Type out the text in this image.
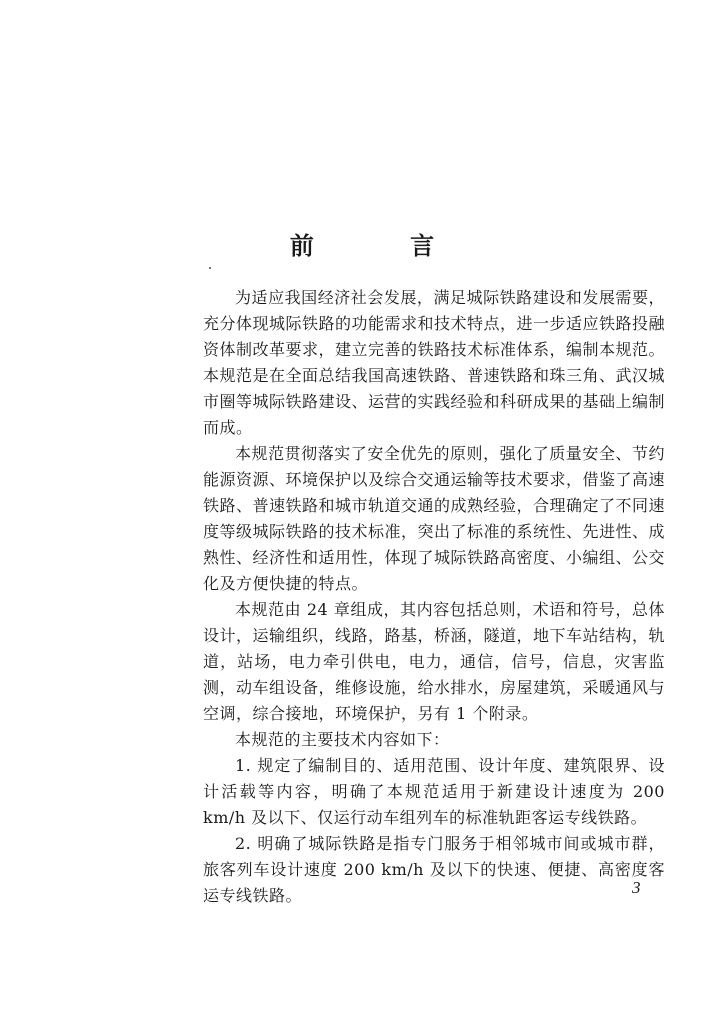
前 言

为适应我国经济社会发展，满足城际铁路建设和发展需要，充分体现城际铁路的功能需求和技术特点，进一步适应铁路投融资体制改革要求，建立完善的铁路技术标准体系，编制本规范。本规范是在全面总结我国高速铁路、普速铁路和珠三角、武汉城市圈等城际铁路建设、运营的实践经验和科研成果的基础上编制而成。

本规范贯彻落实了安全优先的原则，强化了质量安全、节约能源资源、环境保护以及综合交通运输等技术要求，借鉴了高速铁路、普速铁路和城市轨道交通的成熟经验，合理确定了不同速度等级城际铁路的技术标准，突出了标准的系统性、先进性、成熟性、经济性和适用性，体现了城际铁路高密度、小编组、公交化及方便快捷的特点。

本规范由 24 章组成，其内容包括总则，术语和符号，总体设计，运输组织，线路，路基，桥涵，隧道，地下车站结构，轨道，站场，电力牵引供电，电力，通信，信号，信息，灾害监测，动车组设备，维修设施，给水排水，房屋建筑，采暖通风与空调，综合接地，环境保护，另有 1 个附录。

本规范的主要技术内容如下：

1. 规定了编制目的、适用范围、设计年度、建筑限界、设计活载等内容，明确了本规范适用于新建设计速度为 200 km/h 及以下、仅运行动车组列车的标准轨距客运专线铁路。

2. 明确了城际铁路是指专门服务于相邻城市间或城市群，旅客列车设计速度 200 km/h 及以下的快速、便捷、高密度客运专线铁路。	3
